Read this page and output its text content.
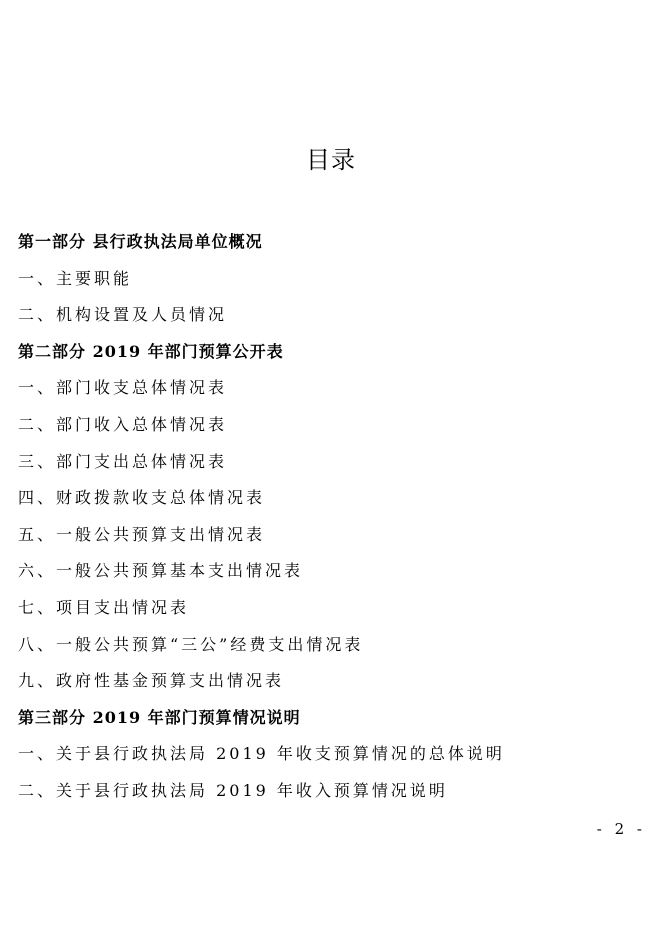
目录
第一部分 县行政执法局单位概况
一、主要职能
二、机构设置及人员情况
第二部分 2019 年部门预算公开表
一、部门收支总体情况表
二、部门收入总体情况表
三、部门支出总体情况表
四、财政拨款收支总体情况表
五、一般公共预算支出情况表
六、一般公共预算基本支出情况表
七、项目支出情况表
八、一般公共预算“三公”经费支出情况表
九、政府性基金预算支出情况表
第三部分 2019 年部门预算情况说明
一、关于县行政执法局 2019 年收支预算情况的总体说明
二、关于县行政执法局 2019 年收入预算情况说明
- 2 -
